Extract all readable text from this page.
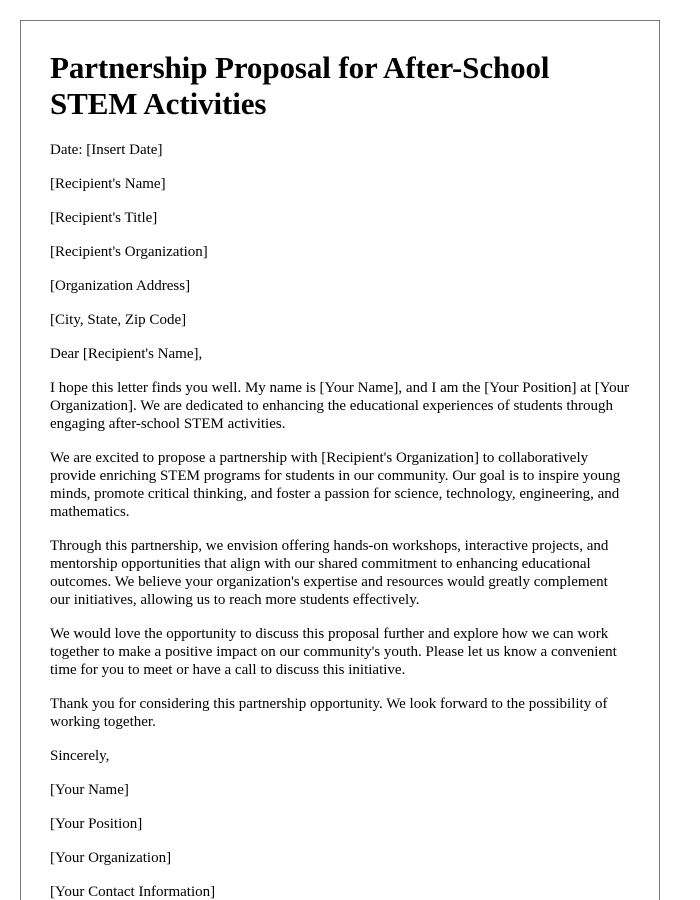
Partnership Proposal for After-School STEM Activities

Date: [Insert Date]

[Recipient's Name]

[Recipient's Title]

[Recipient's Organization]

[Organization Address]

[City, State, Zip Code]

Dear [Recipient's Name],

I hope this letter finds you well. My name is [Your Name], and I am the [Your Position] at [Your Organization]. We are dedicated to enhancing the educational experiences of students through engaging after-school STEM activities.

We are excited to propose a partnership with [Recipient's Organization] to collaboratively provide enriching STEM programs for students in our community. Our goal is to inspire young minds, promote critical thinking, and foster a passion for science, technology, engineering, and mathematics.

Through this partnership, we envision offering hands-on workshops, interactive projects, and mentorship opportunities that align with our shared commitment to enhancing educational outcomes. We believe your organization's expertise and resources would greatly complement our initiatives, allowing us to reach more students effectively.

We would love the opportunity to discuss this proposal further and explore how we can work together to make a positive impact on our community's youth. Please let us know a convenient time for you to meet or have a call to discuss this initiative.

Thank you for considering this partnership opportunity. We look forward to the possibility of working together.

Sincerely,

[Your Name]

[Your Position]

[Your Organization]

[Your Contact Information]
